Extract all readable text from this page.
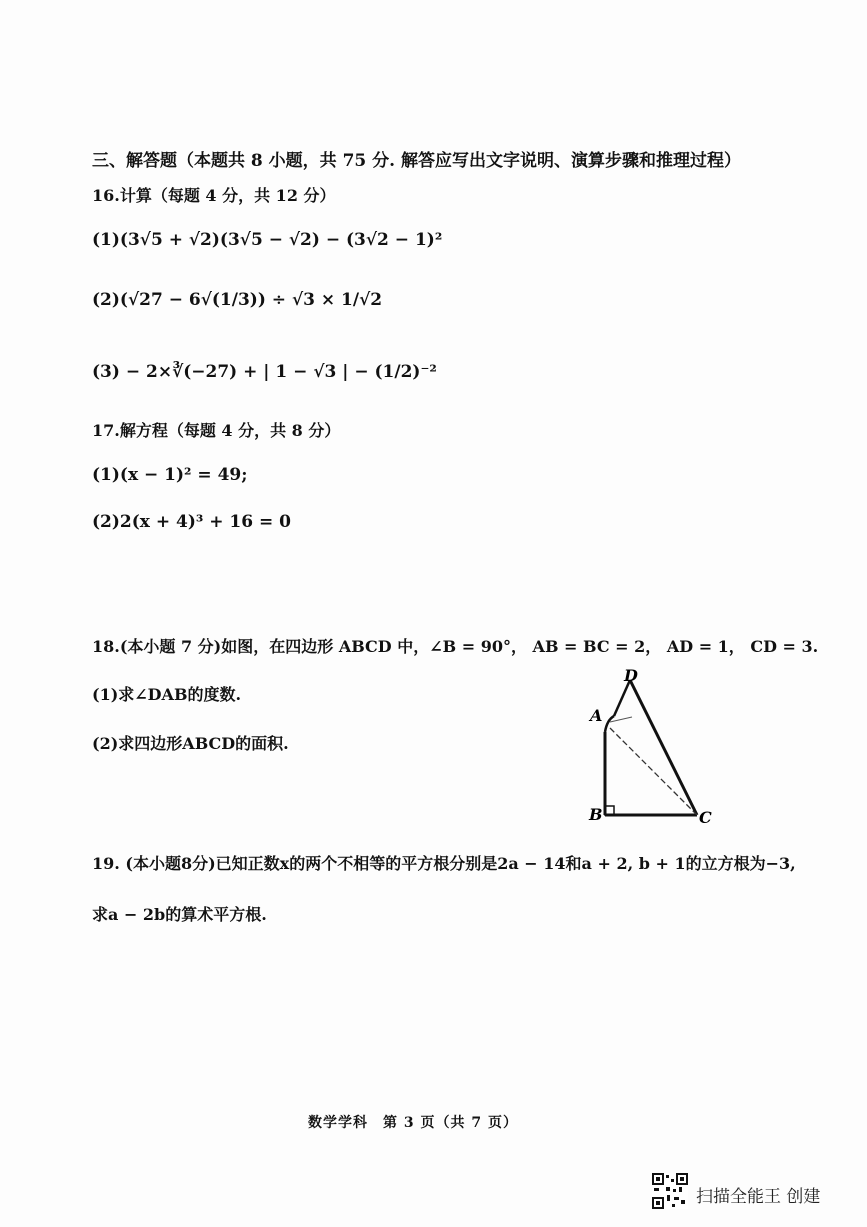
三、解答题（本题共 8 小题，共 75 分. 解答应写出文字说明、演算步骤和推理过程）
16.计算（每题 4 分，共 12 分）
(1)(3√5 + √2)(3√5 − √2) − (3√2 − 1)²
(2)(√27 − 6√(1/3)) ÷ √3 × 1/√2
(3) − 2×∛(−27) + | 1 − √3 | − (1/2)⁻²
17.解方程（每题 4 分，共 8 分）
(1)(x − 1)² = 49;
(2)2(x + 4)³ + 16 = 0
18.(本小题 7 分)如图，在四边形 ABCD 中，∠B = 90°， AB = BC = 2， AD = 1， CD = 3.
(1)求∠DAB的度数.
(2)求四边形ABCD的面积.
D
A
B	C
19. (本小题8分)已知正数x的两个不相等的平方根分别是2a − 14和a + 2, b + 1的立方根为−3,
求a − 2b的算术平方根.
数学学科　第 3 页（共 7 页）
扫描全能王 创建
